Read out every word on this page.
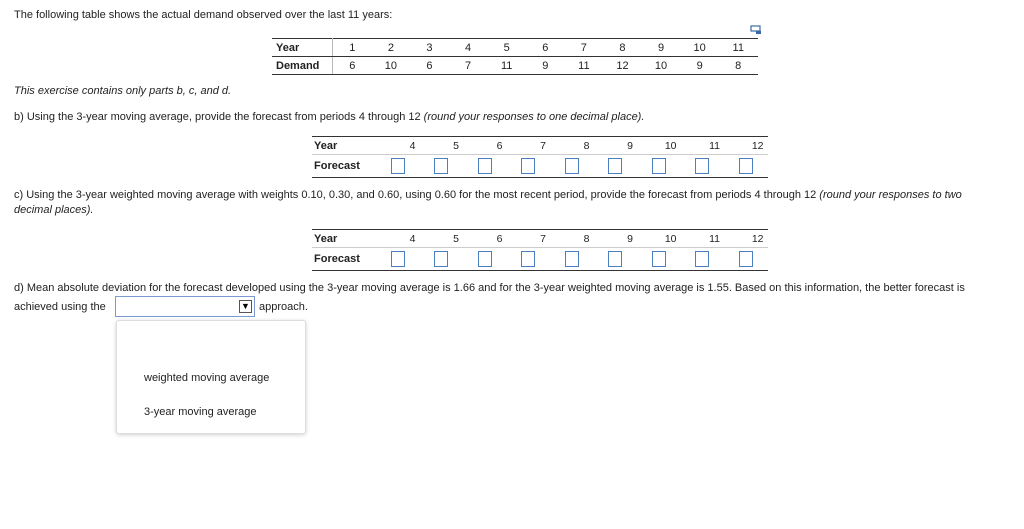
The following table shows the actual demand observed over the last 11 years:
Year	1	2	3	4	5	6	7	8	9	10	11
Demand	6	10	6	7	11	9	11	12	10	9	8
This exercise contains only parts b, c, and d.
b) Using the 3-year moving average, provide the forecast from periods 4 through 12 (round your responses to one decimal place).
Year	4	5	6	7	8	9	10	11	12
Forecast									
c) Using the 3-year weighted moving average with weights 0.10, 0.30, and 0.60, using 0.60 for the most recent period, provide the forecast from periods 4 through 12 (round your responses to two
decimal places).
Year	4	5	6	7	8	9	10	11	12
Forecast									
d) Mean absolute deviation for the forecast developed using the 3-year moving average is 1.66 and for the 3-year weighted moving average is 1.55. Based on this information, the better forecast is
achieved using the	▼ approach.
weighted moving average
3-year moving average
